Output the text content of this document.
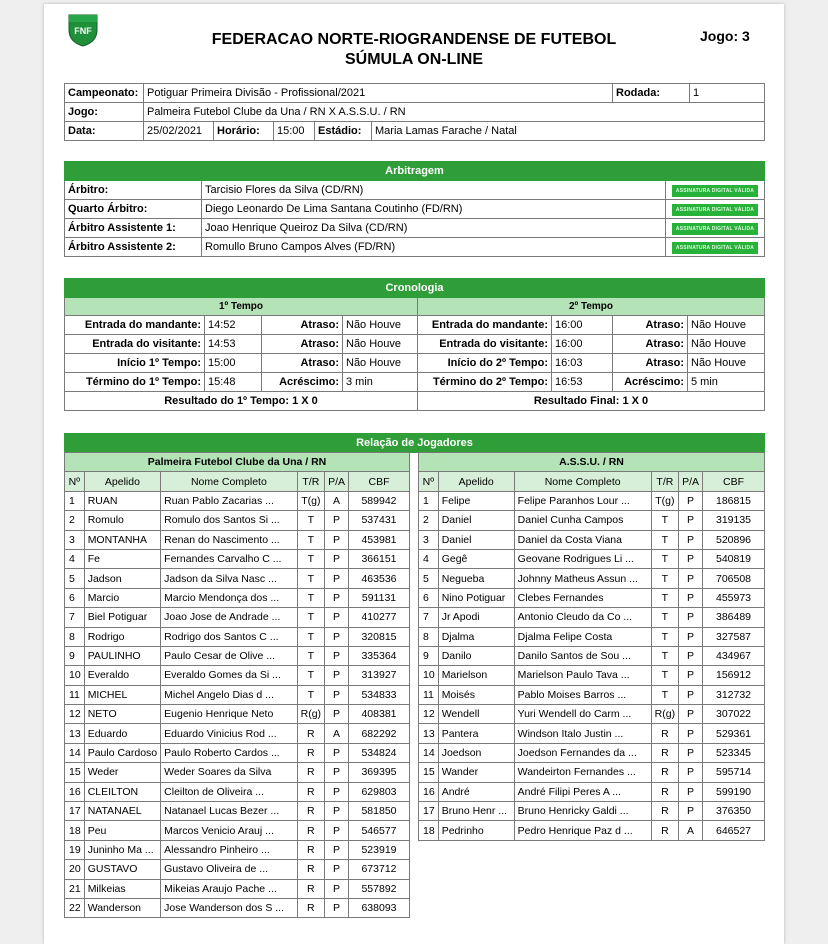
FNF	FEDERACAO NORTE-RIOGRANDENSE DE FUTEBOL
SÚMULA ON-LINE
Jogo: 3
Campeonato:	Potiguar Primeira Divisão - Profissional/2021					Rodada:	1
Jogo:	Palmeira Futebol Clube da Una / RN X A.S.S.U. / RN						
Data:	25/02/2021	Horário:	15:00	Estádio:	Maria Lamas Farache / Natal		
Arbitragem		
Árbitro:	Tarcisio Flores da Silva (CD/RN)	ASSINATURA DIGITAL VÁLIDA
Quarto Árbitro:	Diego Leonardo De Lima Santana Coutinho (FD/RN)	ASSINATURA DIGITAL VÁLIDA
Árbitro Assistente 1:	Joao Henrique Queiroz Da Silva (CD/RN)	ASSINATURA DIGITAL VÁLIDA
Árbitro Assistente 2:	Romullo Bruno Campos Alves (FD/RN)	ASSINATURA DIGITAL VÁLIDA
Cronologia							
1º Tempo				2º Tempo			
Entrada do mandante:	14:52	Atraso:	Não Houve	Entrada do mandante:	16:00	Atraso:	Não Houve
Entrada do visitante:	14:53	Atraso:	Não Houve	Entrada do visitante:	16:00	Atraso:	Não Houve
Início 1º Tempo:	15:00	Atraso:	Não Houve	Início do 2º Tempo:	16:03	Atraso:	Não Houve
Término do 1º Tempo:	15:48	Acréscimo:	3 min	Término do 2º Tempo:	16:53	Acréscimo:	5 min
Resultado do 1º Tempo: 1 X 0				Resultado Final: 1 X 0			
Relação de Jogadores
Palmeira Futebol Clube da Una / RN					
Nº	Apelido	Nome Completo	T/R	P/A	CBF
1	RUAN	Ruan Pablo Zacarias ...	T(g)	A	589942
2	Romulo	Romulo dos Santos Si ...	T	P	537431
3	MONTANHA	Renan do Nascimento ...	T	P	453981
4	Fe	Fernandes Carvalho C ...	T	P	366151
5	Jadson	Jadson da Silva Nasc ...	T	P	463536
6	Marcio	Marcio Mendonça dos ...	T	P	591131
7	Biel Potiguar	Joao Jose de Andrade ...	T	P	410277
8	Rodrigo	Rodrigo dos Santos C ...	T	P	320815
9	PAULINHO	Paulo Cesar de Olive ...	T	P	335364
10	Everaldo	Everaldo Gomes da Si ...	T	P	313927
11	MICHEL	Michel Angelo Dias d ...	T	P	534833
12	NETO	Eugenio Henrique Neto	R(g)	P	408381
13	Eduardo	Eduardo Vinicius Rod ...	R	A	682292
14	Paulo Cardoso	Paulo Roberto Cardos ...	R	P	534824
15	Weder	Weder Soares da Silva	R	P	369395
16	CLEILTON	Cleilton de Oliveira ...	R	P	629803
17	NATANAEL	Natanael Lucas Bezer ...	R	P	581850
18	Peu	Marcos Venicio Arauj ...	R	P	546577
19	Juninho Ma ...	Alessandro Pinheiro ...	R	P	523919
20	GUSTAVO	Gustavo Oliveira de ...	R	P	673712
21	Milkeias	Mikeias Araujo Pache ...	R	P	557892
22	Wanderson	Jose Wanderson dos S ...	R	P	638093
A.S.S.U. / RN					
Nº	Apelido	Nome Completo	T/R	P/A	CBF
1	Felipe	Felipe Paranhos Lour ...	T(g)	P	186815
2	Daniel	Daniel Cunha Campos	T	P	319135
3	Daniel	Daniel da Costa Viana	T	P	520896
4	Gegê	Geovane Rodrigues Li ...	T	P	540819
5	Negueba	Johnny Matheus Assun ...	T	P	706508
6	Nino Potiguar	Clebes Fernandes	T	P	455973
7	Jr Apodi	Antonio Cleudo da Co ...	T	P	386489
8	Djalma	Djalma Felipe Costa	T	P	327587
9	Danilo	Danilo Santos de Sou ...	T	P	434967
10	Marielson	Marielson Paulo Tava ...	T	P	156912
11	Moisés	Pablo Moises Barros ...	T	P	312732
12	Wendell	Yuri Wendell do Carm ...	R(g)	P	307022
13	Pantera	Windson Italo Justin ...	R	P	529361
14	Joedson	Joedson Fernandes da ...	R	P	523345
15	Wander	Wandeirton Fernandes ...	R	P	595714
16	André	André Filipi Peres A ...	R	P	599190
17	Bruno Henr ...	Bruno Henricky Galdi ...	R	P	376350
18	Pedrinho	Pedro Henrique Paz d ...	R	A	646527
